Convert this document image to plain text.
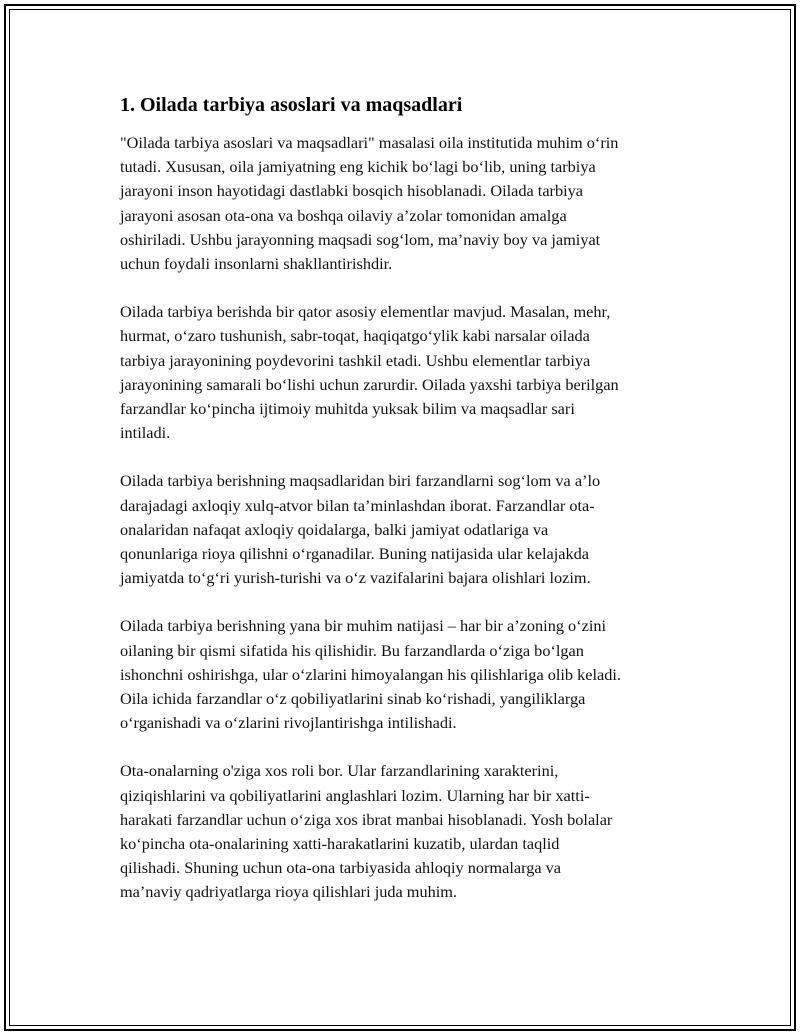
1. Oilada tarbiya asoslari va maqsadlari

"Oilada tarbiya asoslari va maqsadlari" masalasi oila institutida muhim oʻrin
tutadi. Xususan, oila jamiyatning eng kichik boʻlagi boʻlib, uning tarbiya
jarayoni inson hayotidagi dastlabki bosqich hisoblanadi. Oilada tarbiya
jarayoni asosan ota-ona va boshqa oilaviy aʼzolar tomonidan amalga
oshiriladi. Ushbu jarayonning maqsadi sogʻlom, maʼnaviy boy va jamiyat
uchun foydali insonlarni shakllantirishdir.

Oilada tarbiya berishda bir qator asosiy elementlar mavjud. Masalan, mehr,
hurmat, oʻzaro tushunish, sabr-toqat, haqiqatgoʻylik kabi narsalar oilada
tarbiya jarayonining poydevorini tashkil etadi. Ushbu elementlar tarbiya
jarayonining samarali boʻlishi uchun zarurdir. Oilada yaxshi tarbiya berilgan
farzandlar koʻpincha ijtimoiy muhitda yuksak bilim va maqsadlar sari
intiladi.

Oilada tarbiya berishning maqsadlaridan biri farzandlarni sogʻlom va aʼlo
darajadagi axloqiy xulq-atvor bilan taʼminlashdan iborat. Farzandlar ota-
onalaridan nafaqat axloqiy qoidalarga, balki jamiyat odatlariga va
qonunlariga rioya qilishni oʻrganadilar. Buning natijasida ular kelajakda
jamiyatda toʻgʻri yurish-turishi va oʻz vazifalarini bajara olishlari lozim.

Oilada tarbiya berishning yana bir muhim natijasi – har bir aʼzoning oʻzini
oilaning bir qismi sifatida his qilishidir. Bu farzandlarda oʻziga boʻlgan
ishonchni oshirishga, ular oʻzlarini himoyalangan his qilishlariga olib keladi.
Oila ichida farzandlar oʻz qobiliyatlarini sinab koʻrishadi, yangiliklarga
oʻrganishadi va oʻzlarini rivojlantirishga intilishadi.

Ota-onalarning o'ziga xos roli bor. Ular farzandlarining xarakterini,
qiziqishlarini va qobiliyatlarini anglashlari lozim. Ularning har bir xatti-
harakati farzandlar uchun oʻziga xos ibrat manbai hisoblanadi. Yosh bolalar
koʻpincha ota-onalarining xatti-harakatlarini kuzatib, ulardan taqlid
qilishadi. Shuning uchun ota-ona tarbiyasida ahloqiy normalarga va
maʼnaviy qadriyatlarga rioya qilishlari juda muhim.
